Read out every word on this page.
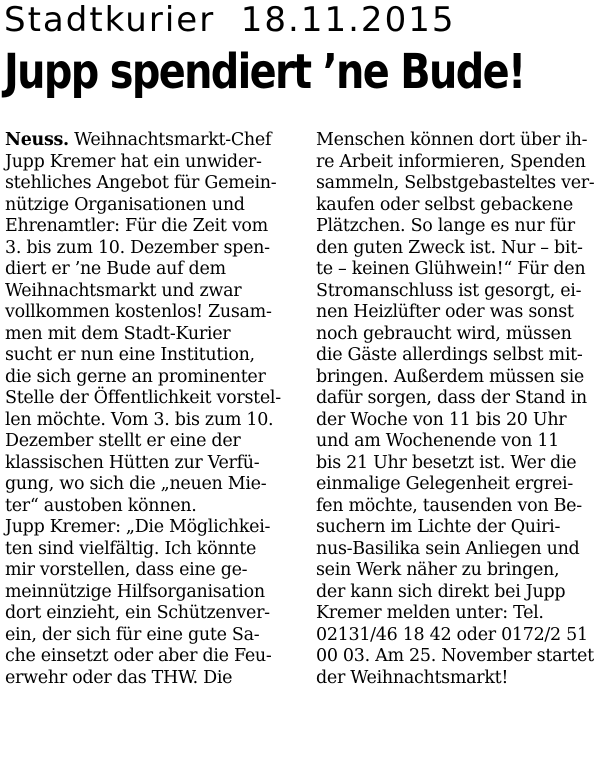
Stadtkurier  18.11.2015
Jupp spendiert ’ne Bude!
Neuss. Weihnachtsmarkt-Chef
Jupp Kremer hat ein unwider-
stehliches Angebot für Gemein-
nützige Organisationen und
Ehrenamtler: Für die Zeit vom
3. bis zum 10. Dezember spen-
diert er ’ne Bude auf dem
Weihnachtsmarkt und zwar
vollkommen kostenlos! Zusam-
men mit dem Stadt-Kurier
sucht er nun eine Institution,
die sich gerne an prominenter
Stelle der Öffentlichkeit vorstel-
len möchte. Vom 3. bis zum 10.
Dezember stellt er eine der
klassischen Hütten zur Verfü-
gung, wo sich die „neuen Mie-
ter“ austoben können.
Jupp Kremer: „Die Möglichkei-
ten sind vielfältig. Ich könnte
mir vorstellen, dass eine ge-
meinnützige Hilfsorganisation
dort einzieht, ein Schützenver-
ein, der sich für eine gute Sa-
che einsetzt oder aber die Feu-
erwehr oder das THW. Die
Menschen können dort über ih-
re Arbeit informieren, Spenden
sammeln, Selbstgebasteltes ver-
kaufen oder selbst gebackene
Plätzchen. So lange es nur für
den guten Zweck ist. Nur – bit-
te – keinen Glühwein!“ Für den
Stromanschluss ist gesorgt, ei-
nen Heizlüfter oder was sonst
noch gebraucht wird, müssen
die Gäste allerdings selbst mit-
bringen. Außerdem müssen sie
dafür sorgen, dass der Stand in
der Woche von 11 bis 20 Uhr
und am Wochenende von 11
bis 21 Uhr besetzt ist. Wer die
einmalige Gelegenheit ergrei-
fen möchte, tausenden von Be-
suchern im Lichte der Quiri-
nus-Basilika sein Anliegen und
sein Werk näher zu bringen,
der kann sich direkt bei Jupp
Kremer melden unter: Tel.
02131/46 18 42 oder 0172/2 51
00 03. Am 25. November startet
der Weihnachtsmarkt!
